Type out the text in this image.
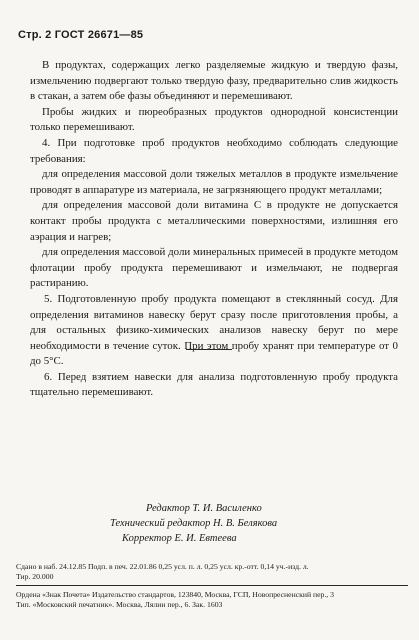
Стр. 2 ГОСТ 26671—85

В продуктах, содержащих легко разделяемые жидкую и твердую фазы, измельчению подвергают только твердую фазу, предварительно слив жидкость в стакан, а затем обе фазы объединяют и перемешивают.

Пробы жидких и пюреобразных продуктов однородной консистенции только перемешивают.

4. При подготовке проб продуктов необходимо соблюдать следующие требования:

для определения массовой доли тяжелых металлов в продукте измельчение проводят в аппаратуре из материала, не загрязняющего продукт металлами;

для определения массовой доли витамина С в продукте не допускается контакт пробы продукта с металлическими поверхностями, излишняя его аэрация и нагрев;

для определения массовой доли минеральных примесей в продукте методом флотации пробу продукта перемешивают и измельчают, не подвергая растиранию.

5. Подготовленную пробу продукта помещают в стеклянный сосуд. Для определения витаминов навеску берут сразу после приготовления пробы, а для остальных физико-химических анализов навеску берут по мере необходимости в течение суток. При этом пробу хранят при температуре от 0 до 5°С.

6. Перед взятием навески для анализа подготовленную пробу продукта тщательно перемешивают.

Редактор Т. И. Василенко
Технический редактор Н. В. Белякова
Корректор Е. И. Евтеева
Сдано в наб. 24.12.85 Подп. в печ. 22.01.86 0,25 усл. п. л. 0,25 усл. кр.-отт. 0,14 уч.-изд. л.
Тир. 20.000
Ордена «Знак Почета» Издательство стандартов, 123840, Москва, ГСП, Новопресненский пер., 3
Тип. «Московский печатник». Москва, Лялин пер., 6. Зак. 1603
